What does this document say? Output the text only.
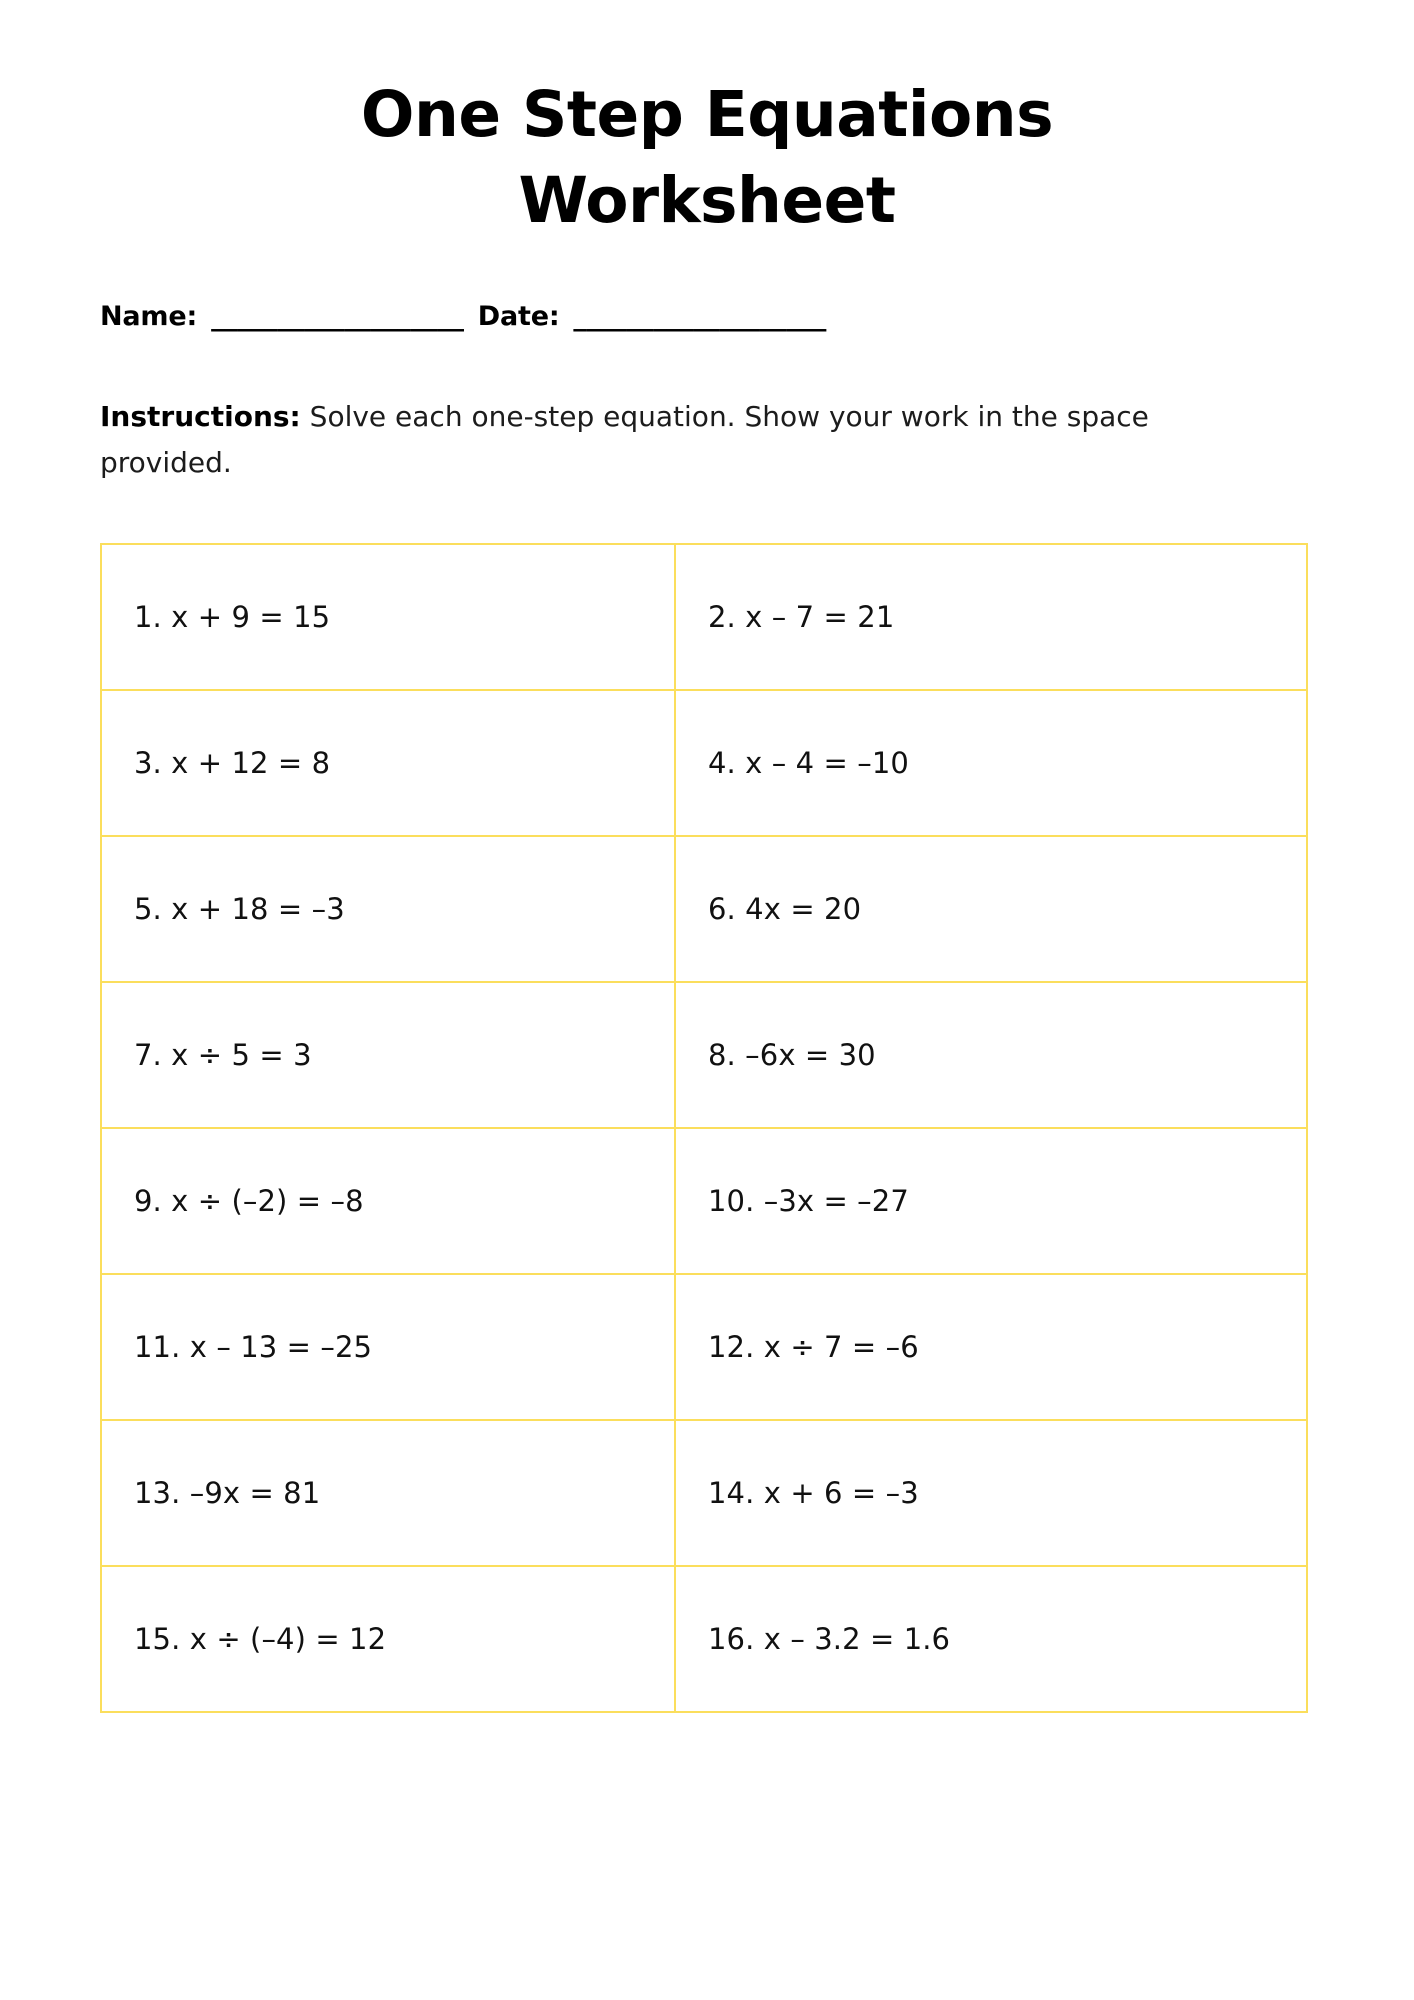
One Step Equations
Worksheet
Name: ___________________ Date: ___________________

Instructions: Solve each one-step equation. Show your work in the space provided.

1. x + 9 = 15	2. x – 7 = 21
3. x + 12 = 8	4. x – 4 = –10
5. x + 18 = –3	6. 4x = 20
7. x ÷ 5 = 3	8. –6x = 30
9. x ÷ (–2) = –8	10. –3x = –27
11. x – 13 = –25	12. x ÷ 7 = –6
13. –9x = 81	14. x + 6 = –3
15. x ÷ (–4) = 12	16. x – 3.2 = 1.6
